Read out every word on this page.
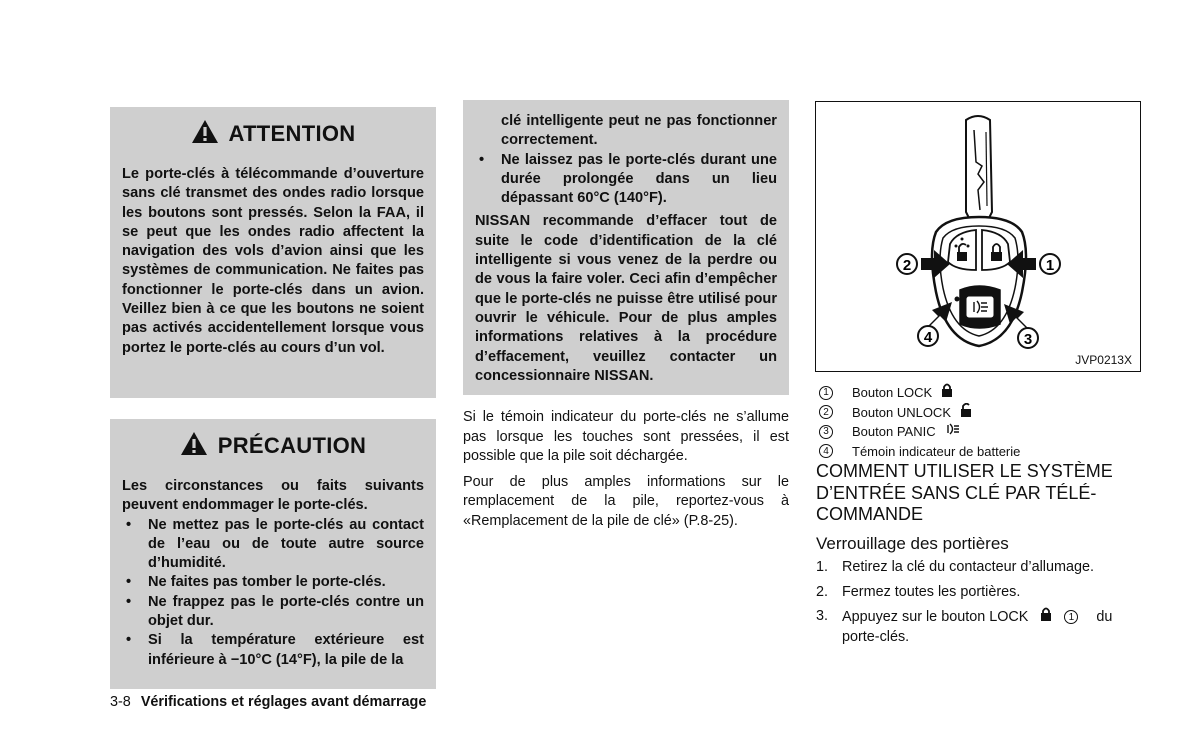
ATTENTION

Le porte-clés à télécommande d’ouverture sans clé transmet des ondes radio lorsque les boutons sont pressés. Selon la FAA, il se peut que les ondes radio affectent la navigation des vols d’avion ainsi que les systèmes de communication. Ne faites pas fonctionner le porte-clés dans un avion. Veillez bien à ce que les boutons ne soient pas activés accidentellement lorsque vous portez le porte-clés au cours d’un vol.

PRÉCAUTION

Les circonstances ou faits suivants peuvent endommager le porte-clés.

• Ne mettez pas le porte-clés au contact de l’eau ou de toute autre source d’humidité.

• Ne faites pas tomber le porte-clés.

• Ne frappez pas le porte-clés contre un objet dur.

• Si la température extérieure est inférieure à −10°C (14°F), la pile de la

clé intelligente peut ne pas fonctionner correctement.

• Ne laissez pas le porte-clés durant une durée prolongée dans un lieu dépassant 60°C (140°F).

NISSAN recommande d’effacer tout de suite le code d’identification de la clé intelligente si vous venez de la perdre ou de vous la faire voler. Ceci afin d’empêcher que le porte-clés ne puisse être utilisé pour ouvrir le véhicule. Pour de plus amples informations relatives à la procédure d’effacement, veuillez contacter un concessionnaire NISSAN.

Si le témoin indicateur du porte-clés ne s’allume pas lorsque les touches sont pressées, il est possible que la pile soit déchargée.

Pour de plus amples informations sur le remplacement de la pile, reportez-vous à «Remplacement de la pile de clé» (P.8-25).

2	1
4	3
JVP0213X
1	Bouton LOCK
2	Bouton UNLOCK
3	Bouton PANIC
4	Témoin indicateur de batterie
COMMENT UTILISER LE SYSTÈME
D’ENTRÉE SANS CLÉ PAR TÉLÉ-
COMMANDE
Verrouillage des portières
1. Retirez la clé du contacteur d’allumage.
2. Fermez toutes les portières.
3. Appuyez sur le bouton LOCK	1 du
porte-clés.
3-8 Vérifications et réglages avant démarrage
